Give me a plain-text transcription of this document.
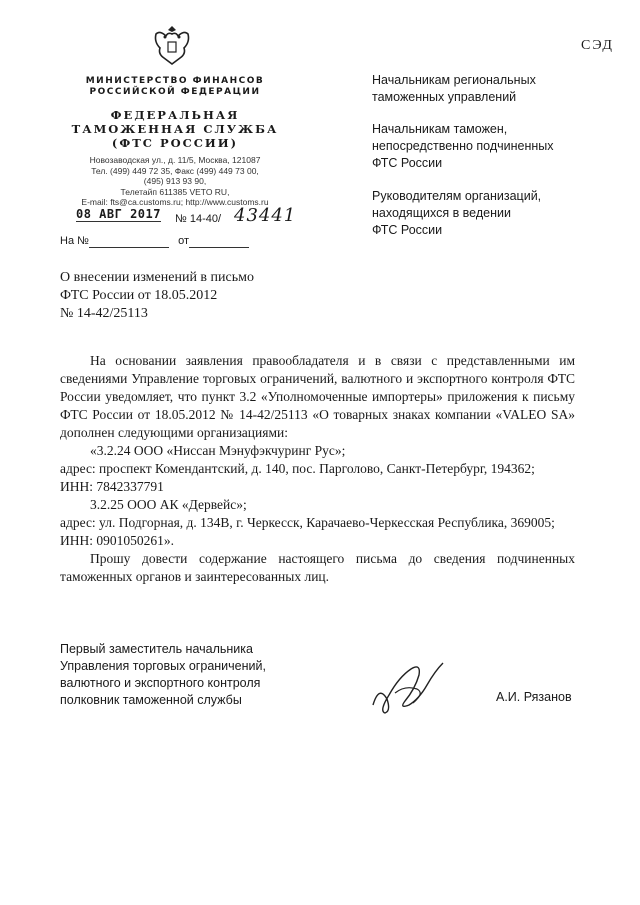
СЭД
МИНИСТЕРСТВО ФИНАНСОВ
РОССИЙСКОЙ ФЕДЕРАЦИИ
ФЕДЕРАЛЬНАЯ
ТАМОЖЕННАЯ СЛУЖБА
(ФТС РОССИИ)
Новозаводская ул., д. 11/5, Москва, 121087
Тел. (499) 449 72 35, Факс (499) 449 73 00,
(495) 913 93 90,
Телетайп 611385 VETO RU,
E-mail: fts@ca.customs.ru; http://www.customs.ru
08 АВГ 2017 № 14-40/ 43441
На №	от
Начальникам региональных
таможенных управлений
Начальникам таможен,
непосредственно подчиненных
ФТС России
Руководителям организаций,
находящихся в ведении
ФТС России
О внесении изменений в письмо
ФТС России от 18.05.2012
№ 14-42/25113

На основании заявления правообладателя и в связи с представленными им сведениями Управление торговых ограничений, валютного и экспортного контроля ФТС России уведомляет, что пункт 3.2 «Уполномоченные импортеры» приложения к письму ФТС России от 18.05.2012 № 14-42/25113 «О товарных знаках компании «VALEO SA» дополнен следующими организациями:

«3.2.24 ООО «Ниссан Мэнуфэкчуринг Рус»;

адрес: проспект Комендантский, д. 140, пос. Парголово, Санкт-Петербург, 194362;

ИНН: 7842337791

3.2.25 ООО АК «Дервейс»;

адрес: ул. Подгорная, д. 134В, г. Черкесск, Карачаево-Черкесская Республика, 369005;

ИНН: 0901050261».

Прошу довести содержание настоящего письма до сведения подчиненных таможенных органов и заинтересованных лиц.

Первый заместитель начальника
Управления торговых ограничений,
валютного и экспортного контроля
полковник таможенной службы	А.И. Рязанов
